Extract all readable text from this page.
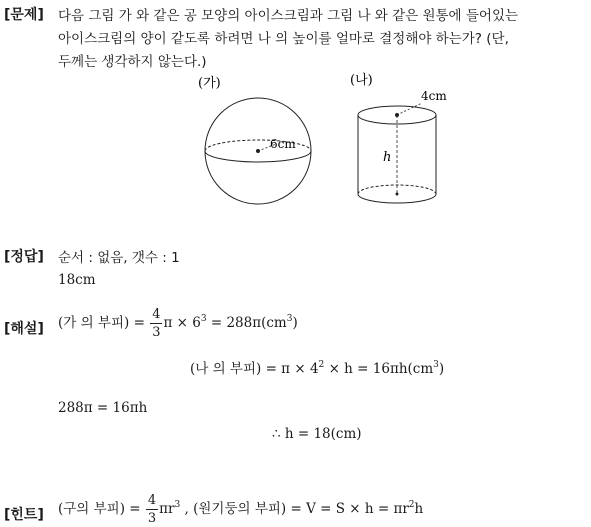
[문제] 다음 그림 가 와 같은 공 모양의 아이스크림과 그림 나 와 같은 원통에 들어있는
아이스크림의 양이 같도록 하려면 나 의 높이를 얼마로 결정해야 하는가? (단,
두께는 생각하지 않는다.)
(가)
6cm
(나)
4cm
h
[정답] 순서 : 없음, 갯수 : 1
18cm
[해설] (가 의 부피) = $\frac{4}{3}$ $\pi \times 6^3 = 288\pi(cm^3)$
(나 의 부피) = $\pi \times 4^2 \times h = 16\pi h(cm^3)$
288π = 16πh
∴ h = 18(cm)
[힌트] (구의 부피) = $\frac{4}{3} \pi r^3$ , (원기둥의 부피) = $V = S \times h = \pi r^2h$
